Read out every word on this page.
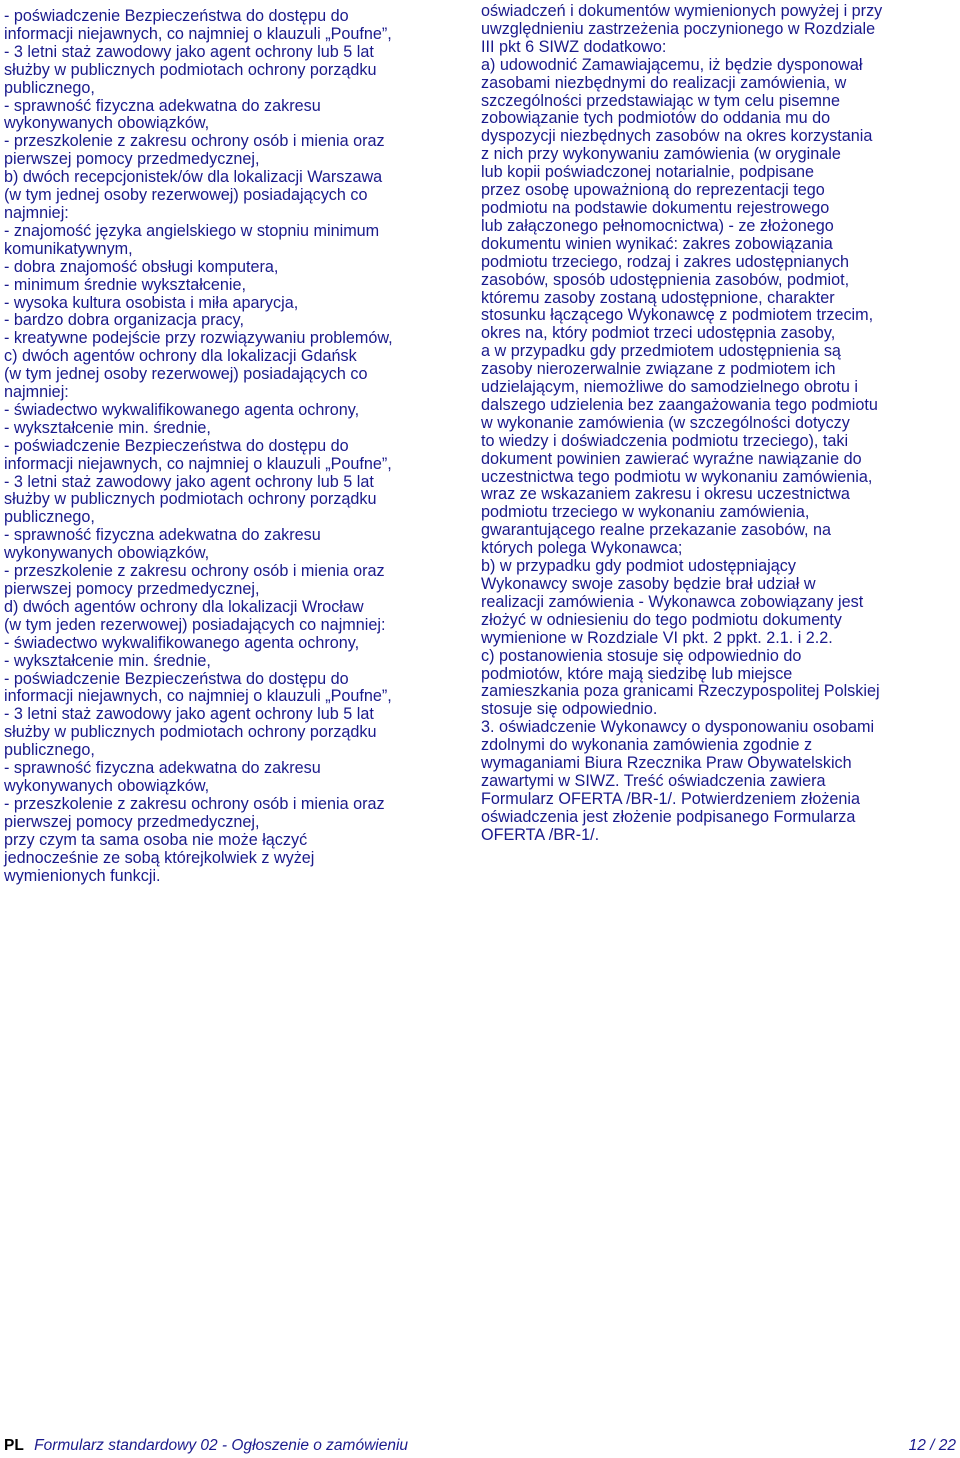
- poświadczenie Bezpieczeństwa do dostępu do
informacji niejawnych, co najmniej o klauzuli „Poufne”,
- 3 letni staż zawodowy jako agent ochrony lub 5 lat
służby w publicznych podmiotach ochrony porządku
publicznego,
- sprawność fizyczna adekwatna do zakresu
wykonywanych obowiązków,
- przeszkolenie z zakresu ochrony osób i mienia oraz
pierwszej pomocy przedmedycznej,
b) dwóch recepcjonistek/ów dla lokalizacji Warszawa
(w tym jednej osoby rezerwowej) posiadających co
najmniej:
- znajomość języka angielskiego w stopniu minimum
komunikatywnym,
- dobra znajomość obsługi komputera,
- minimum średnie wykształcenie,
- wysoka kultura osobista i miła aparycja,
- bardzo dobra organizacja pracy,
- kreatywne podejście przy rozwiązywaniu problemów,
c) dwóch agentów ochrony dla lokalizacji Gdańsk
(w tym jednej osoby rezerwowej) posiadających co
najmniej:
- świadectwo wykwalifikowanego agenta ochrony,
- wykształcenie min. średnie,
- poświadczenie Bezpieczeństwa do dostępu do
informacji niejawnych, co najmniej o klauzuli „Poufne”,
- 3 letni staż zawodowy jako agent ochrony lub 5 lat
służby w publicznych podmiotach ochrony porządku
publicznego,
- sprawność fizyczna adekwatna do zakresu
wykonywanych obowiązków,
- przeszkolenie z zakresu ochrony osób i mienia oraz
pierwszej pomocy przedmedycznej,
d) dwóch agentów ochrony dla lokalizacji Wrocław
(w tym jeden rezerwowej) posiadających co najmniej:
- świadectwo wykwalifikowanego agenta ochrony,
- wykształcenie min. średnie,
- poświadczenie Bezpieczeństwa do dostępu do
informacji niejawnych, co najmniej o klauzuli „Poufne”,
- 3 letni staż zawodowy jako agent ochrony lub 5 lat
służby w publicznych podmiotach ochrony porządku
publicznego,
- sprawność fizyczna adekwatna do zakresu
wykonywanych obowiązków,
- przeszkolenie z zakresu ochrony osób i mienia oraz
pierwszej pomocy przedmedycznej,
przy czym ta sama osoba nie może łączyć
jednocześnie ze sobą którejkolwiek z wyżej
wymienionych funkcji.
oświadczeń i dokumentów wymienionych powyżej i przy
uwzględnieniu zastrzeżenia poczynionego w Rozdziale
III pkt 6 SIWZ dodatkowo:
a) udowodnić Zamawiającemu, iż będzie dysponował
zasobami niezbędnymi do realizacji zamówienia, w
szczególności przedstawiając w tym celu pisemne
zobowiązanie tych podmiotów do oddania mu do
dyspozycji niezbędnych zasobów na okres korzystania
z nich przy wykonywaniu zamówienia (w oryginale
lub kopii poświadczonej notarialnie, podpisane
przez osobę upoważnioną do reprezentacji tego
podmiotu na podstawie dokumentu rejestrowego
lub załączonego pełnomocnictwa) - ze złożonego
dokumentu winien wynikać: zakres zobowiązania
podmiotu trzeciego, rodzaj i zakres udostępnianych
zasobów, sposób udostępnienia zasobów, podmiot,
któremu zasoby zostaną udostępnione, charakter
stosunku łączącego Wykonawcę z podmiotem trzecim,
okres na, który podmiot trzeci udostępnia zasoby,
a w przypadku gdy przedmiotem udostępnienia są
zasoby nierozerwalnie związane z podmiotem ich
udzielającym, niemożliwe do samodzielnego obrotu i
dalszego udzielenia bez zaangażowania tego podmiotu
w wykonanie zamówienia (w szczególności dotyczy
to wiedzy i doświadczenia podmiotu trzeciego), taki
dokument powinien zawierać wyraźne nawiązanie do
uczestnictwa tego podmiotu w wykonaniu zamówienia,
wraz ze wskazaniem zakresu i okresu uczestnictwa
podmiotu trzeciego w wykonaniu zamówienia,
gwarantującego realne przekazanie zasobów, na
których polega Wykonawca;
b) w przypadku gdy podmiot udostępniający
Wykonawcy swoje zasoby będzie brał udział w
realizacji zamówienia - Wykonawca zobowiązany jest
złożyć w odniesieniu do tego podmiotu dokumenty
wymienione w Rozdziale VI pkt. 2 ppkt. 2.1. i 2.2.
c) postanowienia stosuje się odpowiednio do
podmiotów, które mają siedzibę lub miejsce
zamieszkania poza granicami Rzeczypospolitej Polskiej
stosuje się odpowiednio.
3. oświadczenie Wykonawcy o dysponowaniu osobami
zdolnymi do wykonania zamówienia zgodnie z
wymaganiami Biura Rzecznika Praw Obywatelskich
zawartymi w SIWZ. Treść oświadczenia zawiera
Formularz OFERTA /BR-1/. Potwierdzeniem złożenia
oświadczenia jest złożenie podpisanego Formularza
OFERTA /BR-1/.
PL Formularz standardowy 02 - Ogłoszenie o zamówieniu	12 / 22
